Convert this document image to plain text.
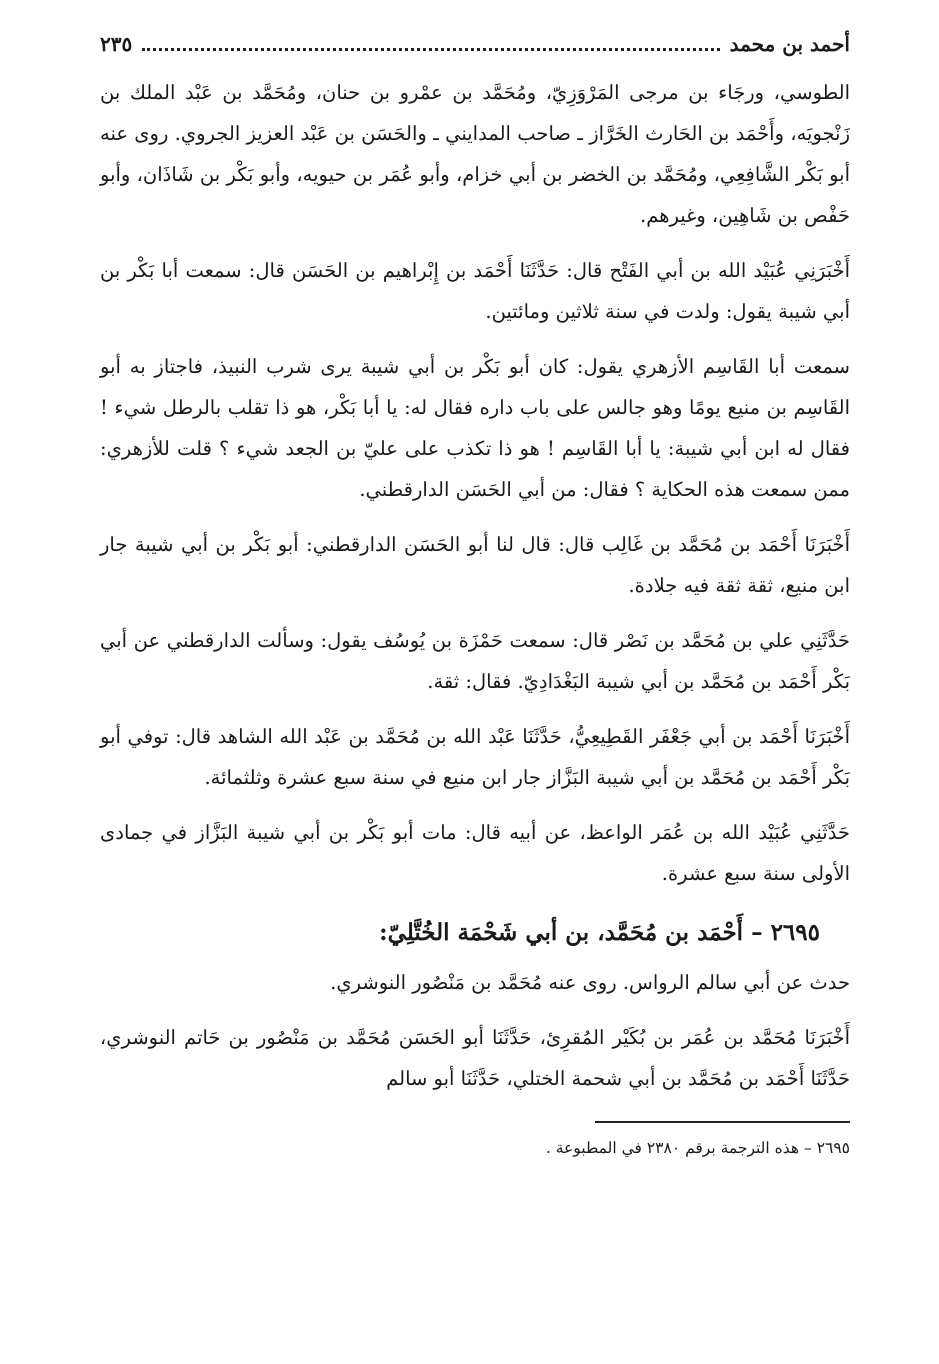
أحمد بن محمد
٢٣٥

الطوسي، ورجَاء بن مرجى المَرْوَزِيّ، ومُحَمَّد بن عمْرو بن حنان، ومُحَمَّد بن عَبْد الملك بن زَنْجويَه، وأَحْمَد بن الحَارث الخَرَّاز ـ صاحب المدايني ـ والحَسَن بن عَبْد العزيز الجروي. روى عنه أبو بَكْر الشَّافِعِي، ومُحَمَّد بن الخضر بن أبي خزام، وأبو عُمَر بن حيويه، وأبو بَكْر بن شَاذَان، وأبو حَفْص بن شَاهِين، وغيرهم.

أَخْبَرَنِي عُبَيْد الله بن أبي الفَتْح قال: حَدَّثَنَا أَحْمَد بن إِبْراهيم بن الحَسَن قال: سمعت أبا بَكْر بن أبي شيبة يقول: ولدت في سنة ثلاثين ومائتين.

سمعت أبا القَاسِم الأزهري يقول: كان أبو بَكْر بن أبي شيبة يرى شرب النبيذ، فاجتاز به أبو القَاسِم بن منيع يومًا وهو جالس على باب داره فقال له: يا أبا بَكْر، هو ذا تقلب بالرطل شيء ! فقال له ابن أبي شيبة: يا أبا القَاسِم ! هو ذا تكذب على عليّ بن الجعد شيء ؟ قلت للأزهري: ممن سمعت هذه الحكاية ؟ فقال: من أبي الحَسَن الدارقطني.

أَخْبَرَنَا أَحْمَد بن مُحَمَّد بن غَالِب قال: قال لنا أبو الحَسَن الدارقطني: أبو بَكْر بن أبي شيبة جار ابن منيع، ثقة ثقة فيه جلادة.

حَدَّثَنِي علي بن مُحَمَّد بن نَصْر قال: سمعت حَمْزَة بن يُوسُف يقول: وسألت الدارقطني عن أبي بَكْر أَحْمَد بن مُحَمَّد بن أبي شيبة البَغْدَادِيّ. فقال: ثقة.

أَخْبَرَنَا أَحْمَد بن أبي جَعْفَر القَطِيعِيُّ، حَدَّثَنَا عَبْد الله بن مُحَمَّد بن عَبْد الله الشاهد قال: توفي أبو بَكْر أَحْمَد بن مُحَمَّد بن أبي شيبة البَزَّاز جار ابن منيع في سنة سبع عشرة وثلثمائة.

حَدَّثَنِي عُبَيْد الله بن عُمَر الواعظ، عن أبيه قال: مات أبو بَكْر بن أبي شيبة البَزَّاز في جمادى الأولى سنة سبع عشرة.

٢٦٩٥ – أَحْمَد بن مُحَمَّد، بن أبي شَحْمَة الخُتَّلِيّ:

حدث عن أبي سالم الرواس. روى عنه مُحَمَّد بن مَنْصُور النوشري.

أَخْبَرَنَا مُحَمَّد بن عُمَر بن بُكَيْر المُقرِئ، حَدَّثَنَا أبو الحَسَن مُحَمَّد بن مَنْصُور بن حَاتم النوشري، حَدَّثَنَا أَحْمَد بن مُحَمَّد بن أبي شحمة الختلي، حَدَّثَنَا أبو سالم

٢٦٩٥ – هذه الترجمة برقم ٢٣٨٠ في المطبوعة .
